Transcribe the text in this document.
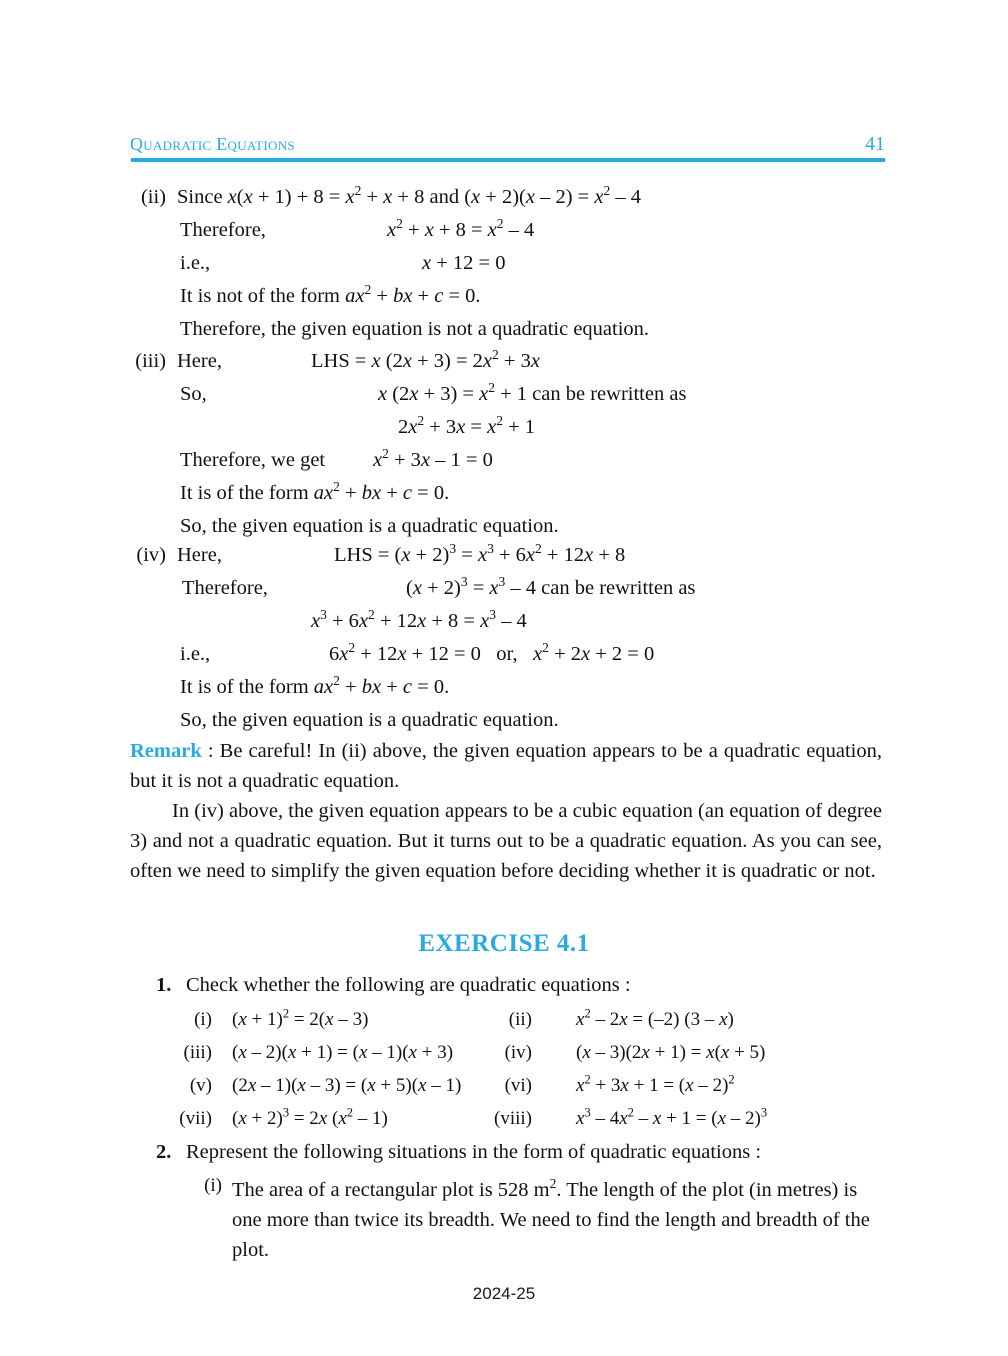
Quadratic Equations	41
(ii) Since $x(x + 1) + 8 = x^2 + x + 8$ and $(x + 2)(x - 2) = x^2 - 4$
Therefore,	$x^2 + x + 8 = x^2 - 4$
i.e.,	x + 12 = 0
It is not of the form $ax^2$ + bx + c = 0.
Therefore, the given equation is not a quadratic equation.
(iii) Here,	LHS = x $(2x + 3) = 2x^2 + 3x$
So,	x $(2x + 3) = x^2 + 1$ can be rewritten as
$2x^2 + 3x = x^2 + 1$
Therefore, we get $x^2 + 3x - 1 = 0$
It is of the form $ax^2$ + bx + c = 0.
So, the given equation is a quadratic equation.
(iv) Here,	LHS = $(x + 2)^3 = x^3 + 6x^2 + 12x + 8$
Therefore,	$(x + 2)^3 = x^3 - 4$ can be rewritten as
$x^3 + 6x^2 + 12x + 8 = x^3 - 4$
i.e.,	$6x^2 + 12x + 12 = 0$   or,   $x^2 + 2x + 2 = 0$
It is of the form $ax^2$ + bx + c = 0.
So, the given equation is a quadratic equation.
Remark : Be careful! In (ii) above, the given equation appears to be a quadratic equation, but it is not a quadratic equation.
In (iv) above, the given equation appears to be a cubic equation (an equation of degree 3) and not a quadratic equation. But it turns out to be a quadratic equation. As you can see, often we need to simplify the given equation before deciding whether it is quadratic or not.
EXERCISE 4.1
1. Check whether the following are quadratic equations :
(i) $(x + 1)^2 = 2(x - 3)$	(ii) $x^2 - 2x = (-2)$ (3 – x)
(iii) (x – 2)(x + 1) = (x – 1)(x + 3)	(iv) (x – 3)(2x + 1) = x(x + 5)
(v) (2x – 1)(x – 3) = (x + 5)(x – 1)	(vi) $x^2 + 3x + 1 = (x - 2)^2$
(vii) $(x + 2)^3 = 2x$ $(x^2 - 1)$	(viii) $x^3 - 4x^2 - x + 1 = (x - 2)^3$
2. Represent the following situations in the form of quadratic equations :
(i) The area of a rectangular plot is 528 $m^2$. The length of the plot (in metres) is one more than twice its breadth. We need to find the length and breadth of the plot.
2024-25
